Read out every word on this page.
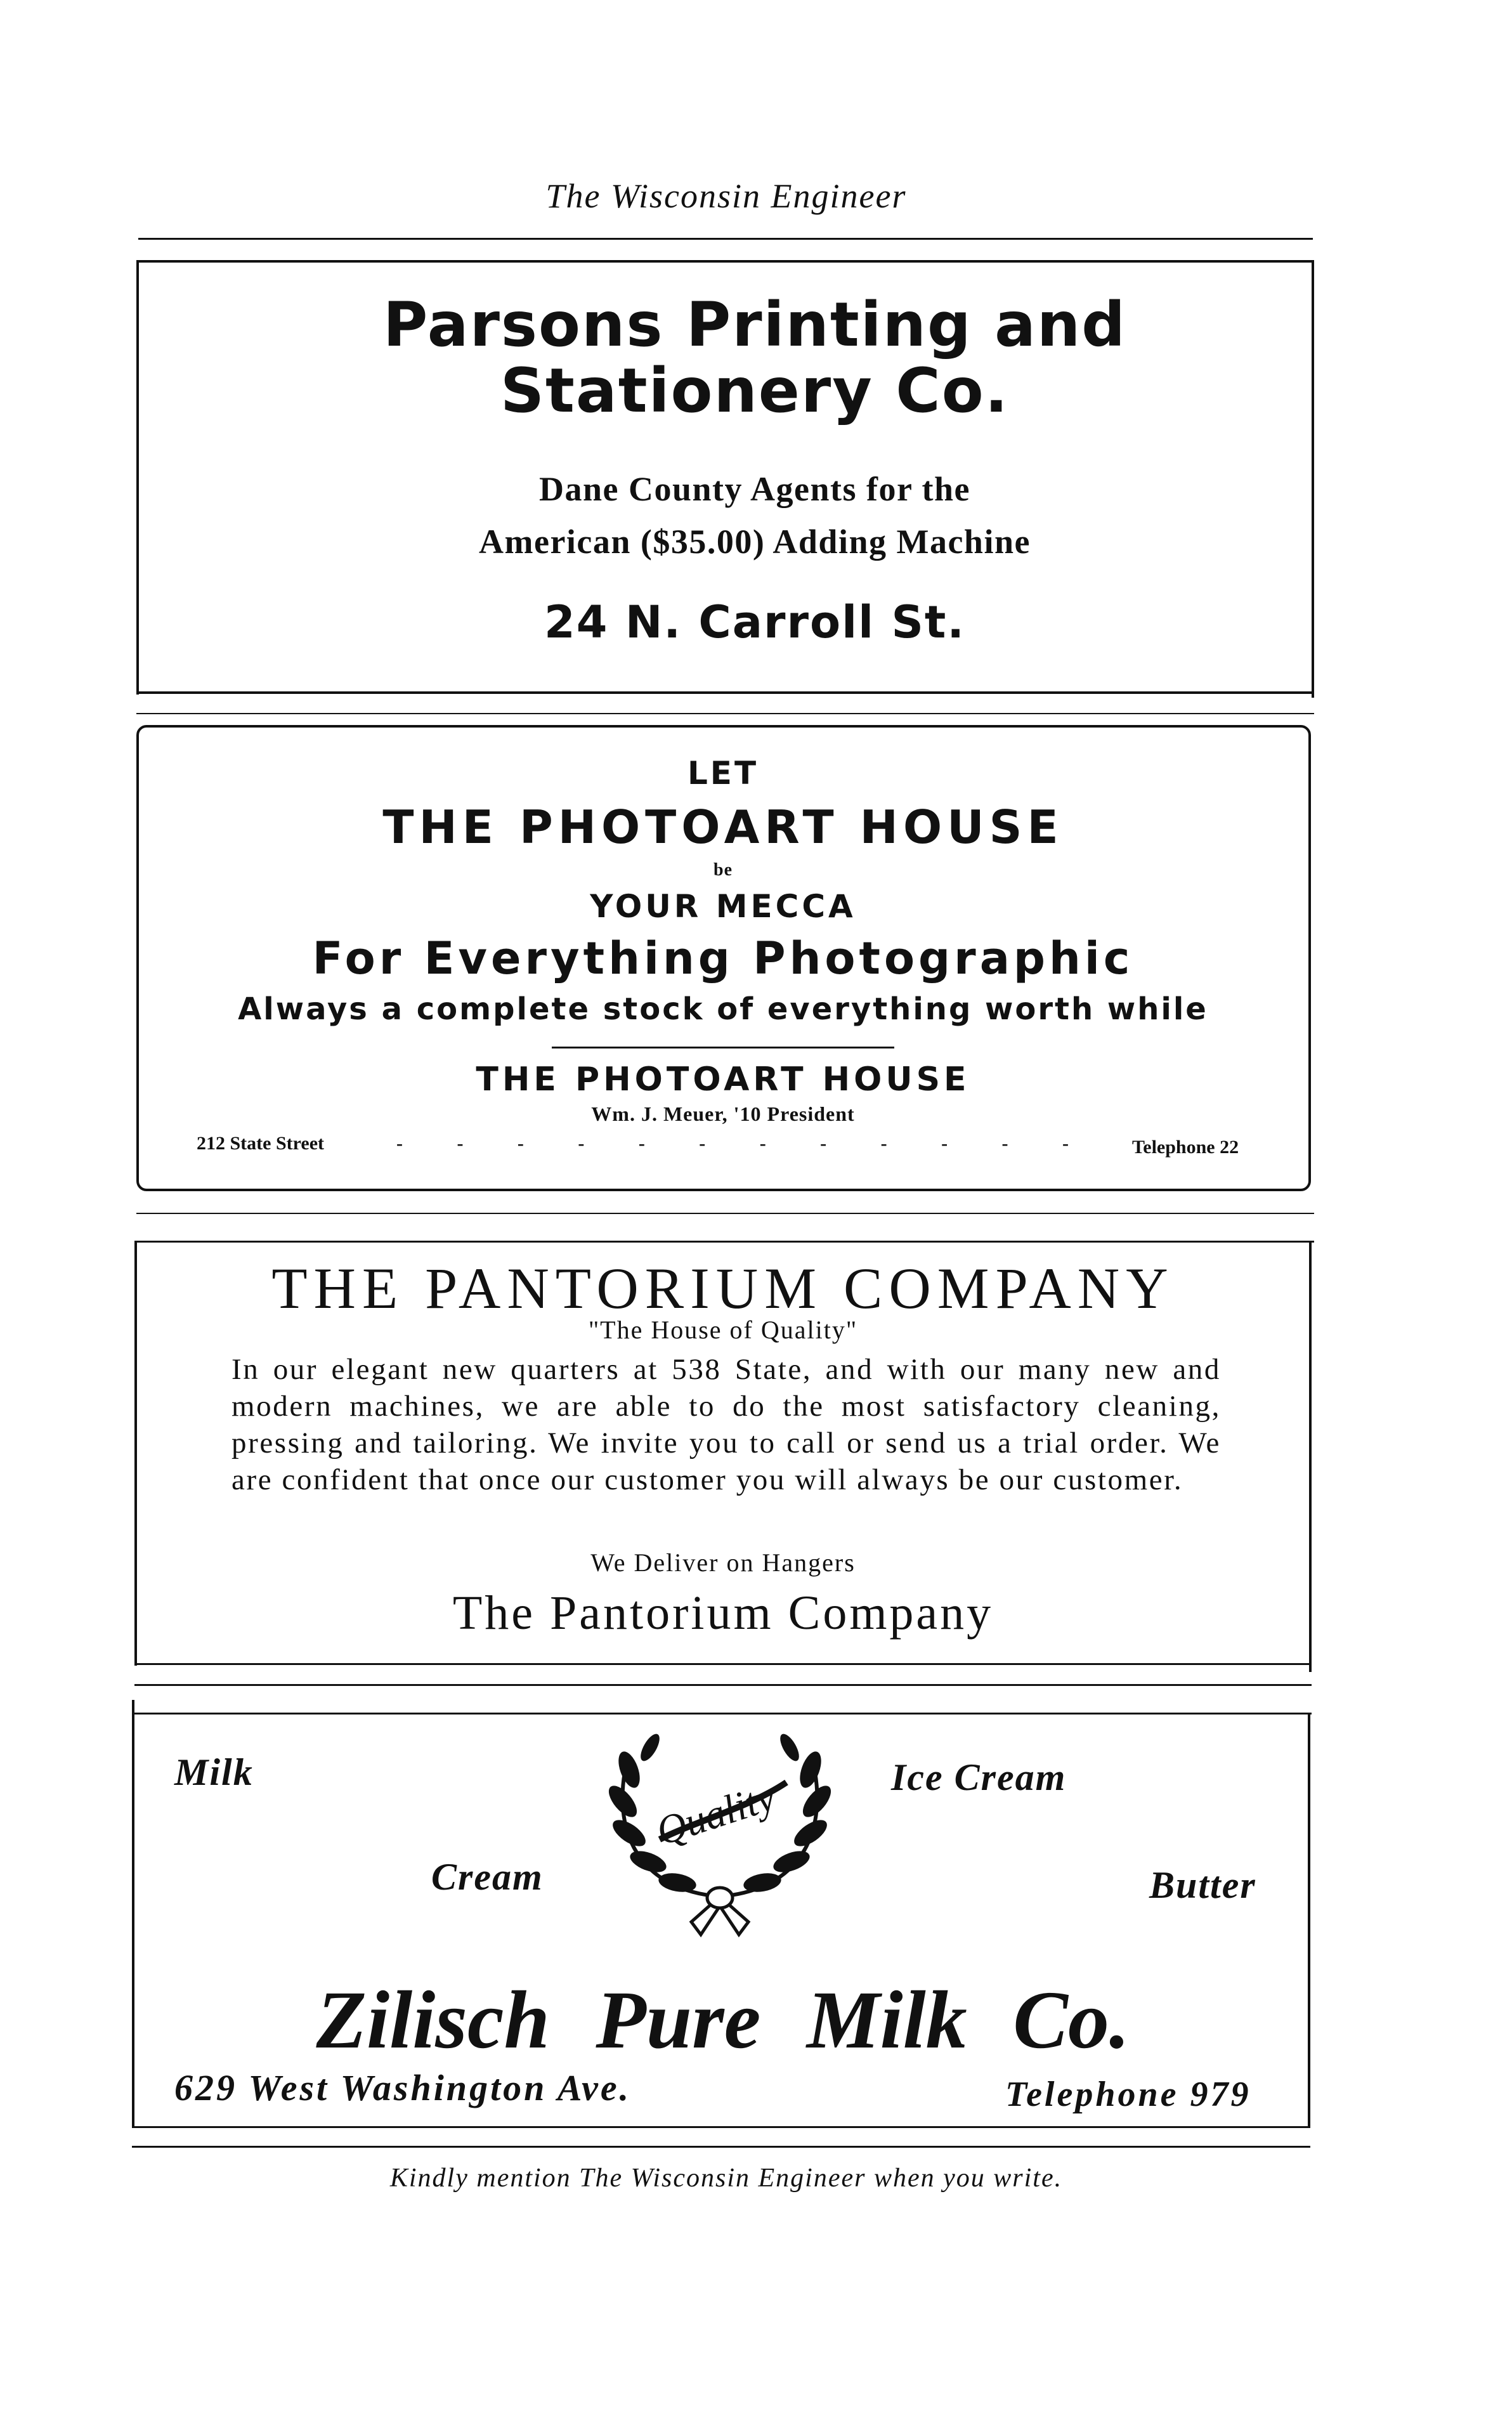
The Wisconsin Engineer
Parsons Printing and
Stationery Co.
Dane County Agents for the
American ($35.00) Adding Machine
24 N. Carroll St.
LET
THE PHOTOART HOUSE
be
YOUR MECCA
For Everything Photographic
Always a complete stock of everything worth while
THE PHOTOART HOUSE
Wm. J. Meuer, '10 President
212 State Street	- - - - - - - - - - - -	Telephone 22
THE PANTORIUM COMPANY
"The House of Quality"
In our elegant new quarters at 538 State, and with our many new and modern machines, we are able to do the most satisfactory cleaning, pressing and tailoring. We invite you to call or send us a trial order. We are confident that once our customer you will always be our customer.
We Deliver on Hangers
The Pantorium Company
Milk	Ice Cream
Cream	Butter
Quality
Zilisch Pure Milk Co.
629 West Washington Ave.	Telephone 979
Kindly mention The Wisconsin Engineer when you write.
